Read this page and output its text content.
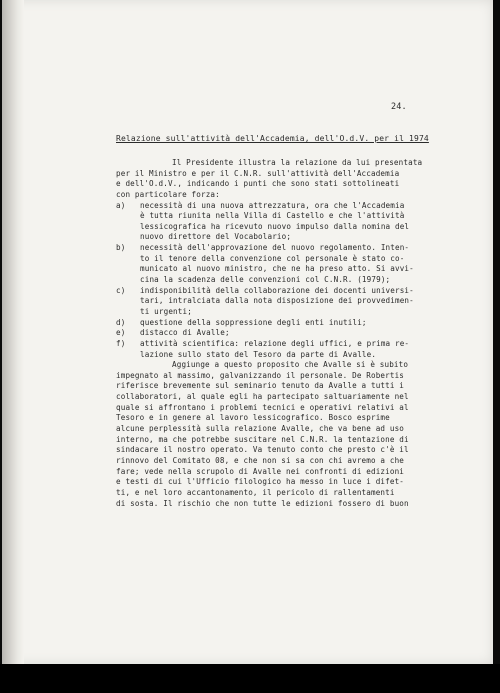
24.
Relazione sull'attività dell'Accademia, dell'O.d.V. per il 1974
Il Presidente illustra la relazione da lui presentata
per il Ministro e per il C.N.R. sull'attività dell'Accademia
e dell'O.d.V., indicando i punti che sono stati sottolineati
con particolare forza:
a) necessità di una nuova attrezzatura, ora che l'Accademia
è tutta riunita nella Villa di Castello e che l'attività
lessicografica ha ricevuto nuovo impulso dalla nomina del
nuovo direttore del Vocabolario;
b) necessità dell'approvazione del nuovo regolamento. Inten-
to il tenore della convenzione col personale è stato co-
municato al nuovo ministro, che ne ha preso atto. Si avvi-
cina la scadenza delle convenzioni col C.N.R. (1979);
c) indisponibilità della collaborazione dei docenti universi-
tari, intralciata dalla nota disposizione dei provvedimen-
ti urgenti;
d) questione della soppressione degli enti inutili;
e) distacco di Avalle;
f) attività scientifica: relazione degli uffici, e prima re-
lazione sullo stato del Tesoro da parte di Avalle.
Aggiunge a questo proposito che Avalle si è subito
impegnato al massimo, galvanizzando il personale. De Robertis
riferisce brevemente sul seminario tenuto da Avalle a tutti i
collaboratori, al quale egli ha partecipato saltuariamente nel
quale si affrontano i problemi tecnici e operativi relativi al
Tesoro e in genere al lavoro lessicografico. Bosco esprime
alcune perplessità sulla relazione Avalle, che va bene ad uso
interno, ma che potrebbe suscitare nel C.N.R. la tentazione di
sindacare il nostro operato. Va tenuto conto che presto c'è il
rinnovo del Comitato 08, e che non si sa con chi avremo a che
fare; vede nella scrupolo di Avalle nei confronti di edizioni
e testi di cui l'Ufficio filologico ha messo in luce i difet-
ti, e nel loro accantonamento, il pericolo di rallentamenti
di sosta. Il rischio che non tutte le edizioni fossero di buon
